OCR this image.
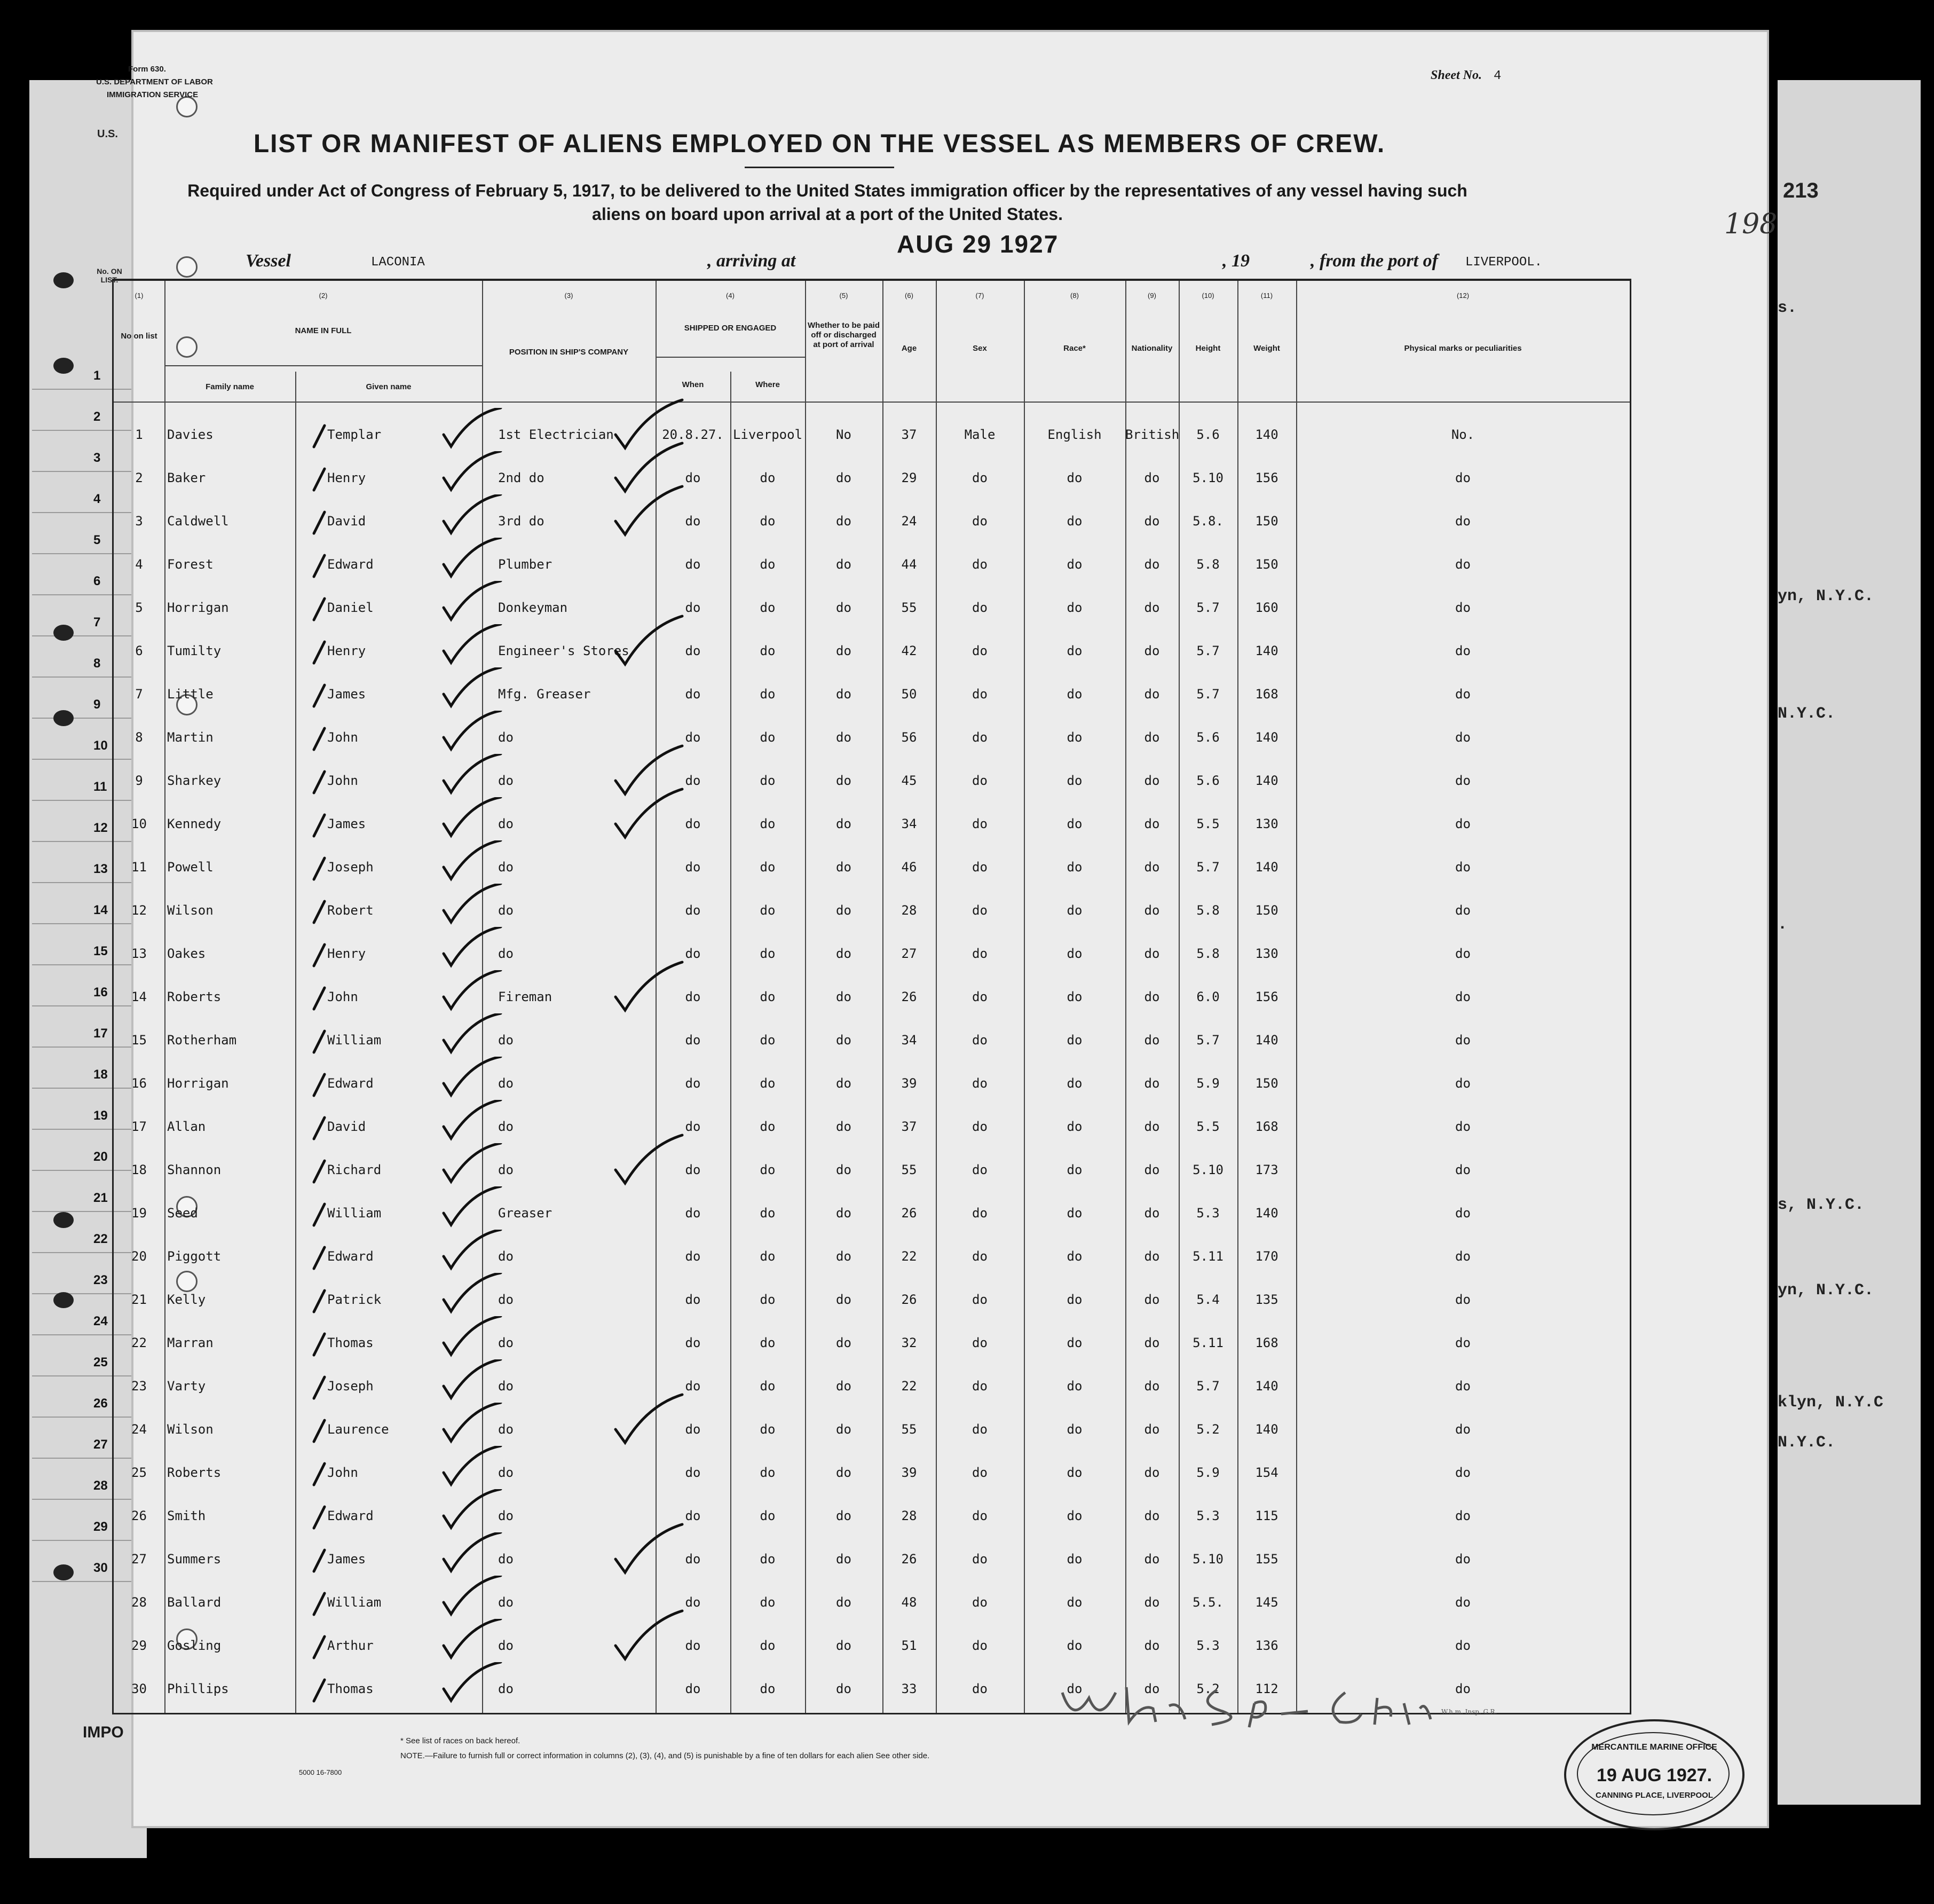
1
2
3
4
5
6
7
8
9
10
11
12
13
14
15
16
17
18
19
20
21
22
23
24
25
26
27
28
29
30
U.S.
No. ON LIST.
213
s.
yn, N.Y.C.
N.Y.C.
.
s, N.Y.C.
yn, N.Y.C.
klyn, N.Y.C
N.Y.C.
IMPO
Form 630.
U.S. DEPARTMENT OF LABOR
IMMIGRATION SERVICE
Sheet No. 4
LIST OR MANIFEST OF ALIENS EMPLOYED ON THE VESSEL AS MEMBERS OF CREW.
Required under Act of Congress of February 5, 1917, to be delivered to the United States immigration officer by the representatives of any vessel having such
aliens on board upon arrival at a port of the United States.
AUG 29 1927
198
Vessel	LACONIA	, arriving at	, 19	, from the port of LIVERPOOL.
(1)	(2)	(3)	(4)	(5)	(6)	(7)	(8)	(9)	(10)	(11)	(12)
No on list
NAME IN FULL
Family name	Given name
POSITION IN SHIP'S COMPANY
SHIPPED OR ENGAGED
When	Where
Whether to be paid off or discharged at port of arrival	Age	Sex	Race*	Nationality	Height	Weight	Physical marks or peculiarities
1	Davies	Templar	1st Electrician	20.8.27. Liverpool	No	37	Male	English	British	5.6	140	No.
2	Baker	Henry	2nd do	do	do	do	29	do	do	do	5.10	156	do
3	Caldwell	David	3rd do	do	do	do	24	do	do	do	5.8.	150	do
4	Forest	Edward	Plumber	do	do	do	44	do	do	do	5.8	150	do
5	Horrigan	Daniel	Donkeyman	do	do	do	55	do	do	do	5.7	160	do
6	Tumilty	Henry	Engineer's Stores	do	do	do	42	do	do	do	5.7	140	do
7	Little	James	Mfg. Greaser	do	do	do	50	do	do	do	5.7	168	do
8	Martin	John	do	do	do	do	56	do	do	do	5.6	140	do
9	Sharkey	John	do	do	do	do	45	do	do	do	5.6	140	do
10	Kennedy	James	do	do	do	do	34	do	do	do	5.5	130	do
11	Powell	Joseph	do	do	do	do	46	do	do	do	5.7	140	do
12	Wilson	Robert	do	do	do	do	28	do	do	do	5.8	150	do
13	Oakes	Henry	do	do	do	do	27	do	do	do	5.8	130	do
14	Roberts	John	Fireman	do	do	do	26	do	do	do	6.0	156	do
15	Rotherham	William	do	do	do	do	34	do	do	do	5.7	140	do
16	Horrigan	Edward	do	do	do	do	39	do	do	do	5.9	150	do
17	Allan	David	do	do	do	do	37	do	do	do	5.5	168	do
18	Shannon	Richard	do	do	do	do	55	do	do	do	5.10	173	do
19	Seed	William	Greaser	do	do	do	26	do	do	do	5.3	140	do
20	Piggott	Edward	do	do	do	do	22	do	do	do	5.11	170	do
21	Kelly	Patrick	do	do	do	do	26	do	do	do	5.4	135	do
22	Marran	Thomas	do	do	do	do	32	do	do	do	5.11	168	do
23	Varty	Joseph	do	do	do	do	22	do	do	do	5.7	140	do
24	Wilson	Laurence	do	do	do	do	55	do	do	do	5.2	140	do
25	Roberts	John	do	do	do	do	39	do	do	do	5.9	154	do
26	Smith	Edward	do	do	do	do	28	do	do	do	5.3	115	do
27	Summers	James	do	do	do	do	26	do	do	do	5.10	155	do
28	Ballard	William	do	do	do	do	48	do	do	do	5.5.	145	do
29	Gosling	Arthur	do	do	do	do	51	do	do	do	5.3	136	do
30	Phillips	Thomas	do	do	do	do	33	do	do	do	5.2	112	do
* See list of races on back hereof.
NOTE.—Failure to furnish full or correct information in columns (2), (3), (4), and (5) is punishable by a fine of ten dollars for each alien See other side.
5000 16-7800
W.h.m. Insp. G.R.
MERCANTILE MARINE OFFICE
19 AUG 1927.
CANNING PLACE, LIVERPOOL
